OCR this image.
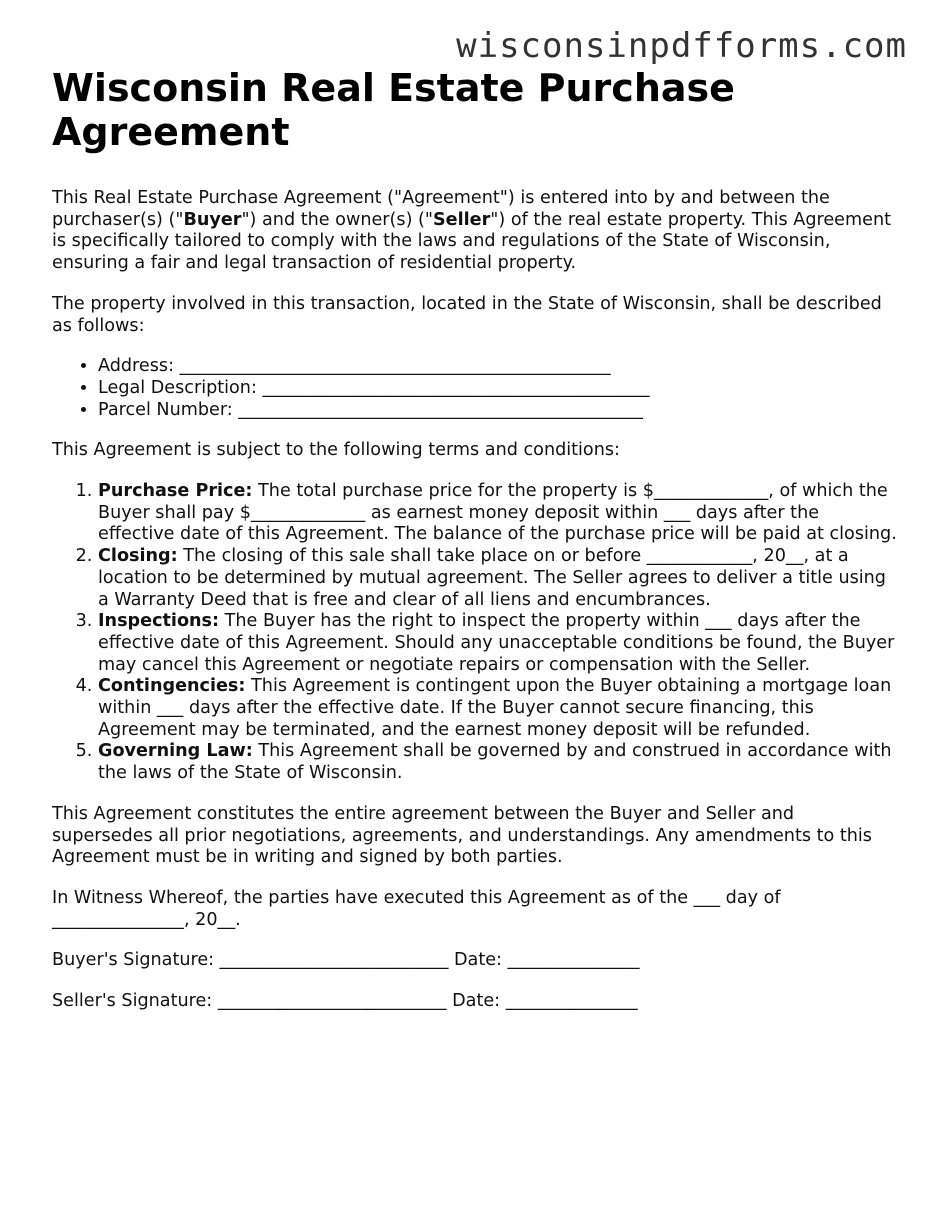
wisconsinpdfforms.com
Wisconsin Real Estate Purchase Agreement

This Real Estate Purchase Agreement ("Agreement") is entered into by and between the purchaser(s) ("Buyer") and the owner(s) ("Seller") of the real estate property. This Agreement is specifically tailored to comply with the laws and regulations of the State of Wisconsin, ensuring a fair and legal transaction of residential property.

The property involved in this transaction, located in the State of Wisconsin, shall be described as follows:

• Address: _________________________________________________
• Legal Description: ____________________________________________
• Parcel Number: ______________________________________________

This Agreement is subject to the following terms and conditions:

1. Purchase Price: The total purchase price for the property is $_____________, of which the Buyer shall pay $_____________ as earnest money deposit within ___ days after the effective date of this Agreement. The balance of the purchase price will be paid at closing.
2. Closing: The closing of this sale shall take place on or before ____________, 20__, at a location to be determined by mutual agreement. The Seller agrees to deliver a title using a Warranty Deed that is free and clear of all liens and encumbrances.
3. Inspections: The Buyer has the right to inspect the property within ___ days after the effective date of this Agreement. Should any unacceptable conditions be found, the Buyer may cancel this Agreement or negotiate repairs or compensation with the Seller.
4. Contingencies: This Agreement is contingent upon the Buyer obtaining a mortgage loan within ___ days after the effective date. If the Buyer cannot secure financing, this Agreement may be terminated, and the earnest money deposit will be refunded.
5. Governing Law: This Agreement shall be governed by and construed in accordance with the laws of the State of Wisconsin.

This Agreement constitutes the entire agreement between the Buyer and Seller and supersedes all prior negotiations, agreements, and understandings. Any amendments to this Agreement must be in writing and signed by both parties.

In Witness Whereof, the parties have executed this Agreement as of the ___ day of _______________, 20__.

Buyer's Signature: __________________________ Date: _______________

Seller's Signature: __________________________ Date: _______________
